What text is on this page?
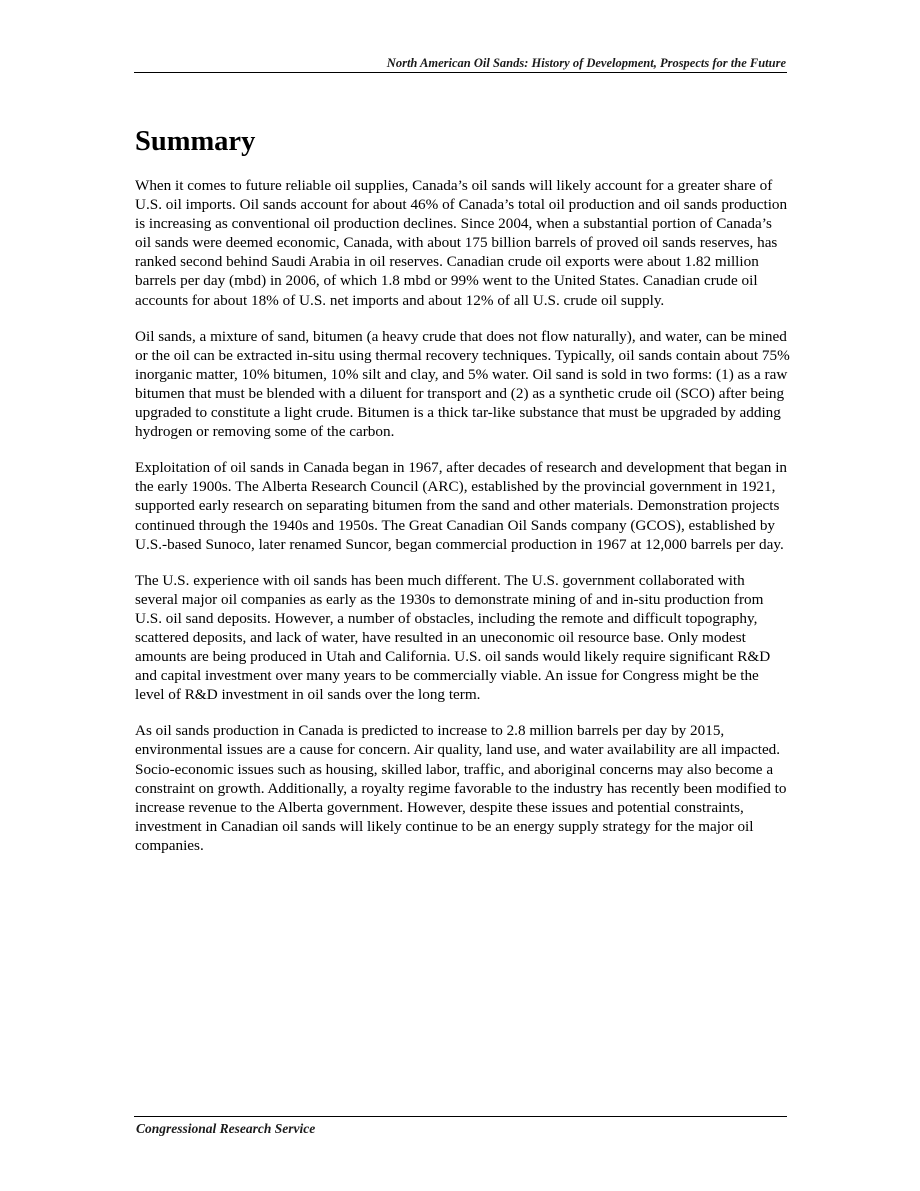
North American Oil Sands: History of Development, Prospects for the Future
Summary

When it comes to future reliable oil supplies, Canada’s oil sands will likely account for a greater share of U.S. oil imports. Oil sands account for about 46% of Canada’s total oil production and oil sands production is increasing as conventional oil production declines. Since 2004, when a substantial portion of Canada’s oil sands were deemed economic, Canada, with about 175 billion barrels of proved oil sands reserves, has ranked second behind Saudi Arabia in oil reserves. Canadian crude oil exports were about 1.82 million barrels per day (mbd) in 2006, of which 1.8 mbd or 99% went to the United States. Canadian crude oil accounts for about 18% of U.S. net imports and about 12% of all U.S. crude oil supply.

Oil sands, a mixture of sand, bitumen (a heavy crude that does not flow naturally), and water, can be mined or the oil can be extracted in-situ using thermal recovery techniques. Typically, oil sands contain about 75% inorganic matter, 10% bitumen, 10% silt and clay, and 5% water. Oil sand is sold in two forms: (1) as a raw bitumen that must be blended with a diluent for transport and (2) as a synthetic crude oil (SCO) after being upgraded to constitute a light crude. Bitumen is a thick tar-like substance that must be upgraded by adding hydrogen or removing some of the carbon.

Exploitation of oil sands in Canada began in 1967, after decades of research and development that began in the early 1900s. The Alberta Research Council (ARC), established by the provincial government in 1921, supported early research on separating bitumen from the sand and other materials. Demonstration projects continued through the 1940s and 1950s. The Great Canadian Oil Sands company (GCOS), established by U.S.-based Sunoco, later renamed Suncor, began commercial production in 1967 at 12,000 barrels per day.

The U.S. experience with oil sands has been much different. The U.S. government collaborated with several major oil companies as early as the 1930s to demonstrate mining of and in-situ production from U.S. oil sand deposits. However, a number of obstacles, including the remote and difficult topography, scattered deposits, and lack of water, have resulted in an uneconomic oil resource base. Only modest amounts are being produced in Utah and California. U.S. oil sands would likely require significant R&D and capital investment over many years to be commercially viable. An issue for Congress might be the level of R&D investment in oil sands over the long term.

As oil sands production in Canada is predicted to increase to 2.8 million barrels per day by 2015, environmental issues are a cause for concern. Air quality, land use, and water availability are all impacted. Socio-economic issues such as housing, skilled labor, traffic, and aboriginal concerns may also become a constraint on growth. Additionally, a royalty regime favorable to the industry has recently been modified to increase revenue to the Alberta government. However, despite these issues and potential constraints, investment in Canadian oil sands will likely continue to be an energy supply strategy for the major oil companies.

Congressional Research Service
